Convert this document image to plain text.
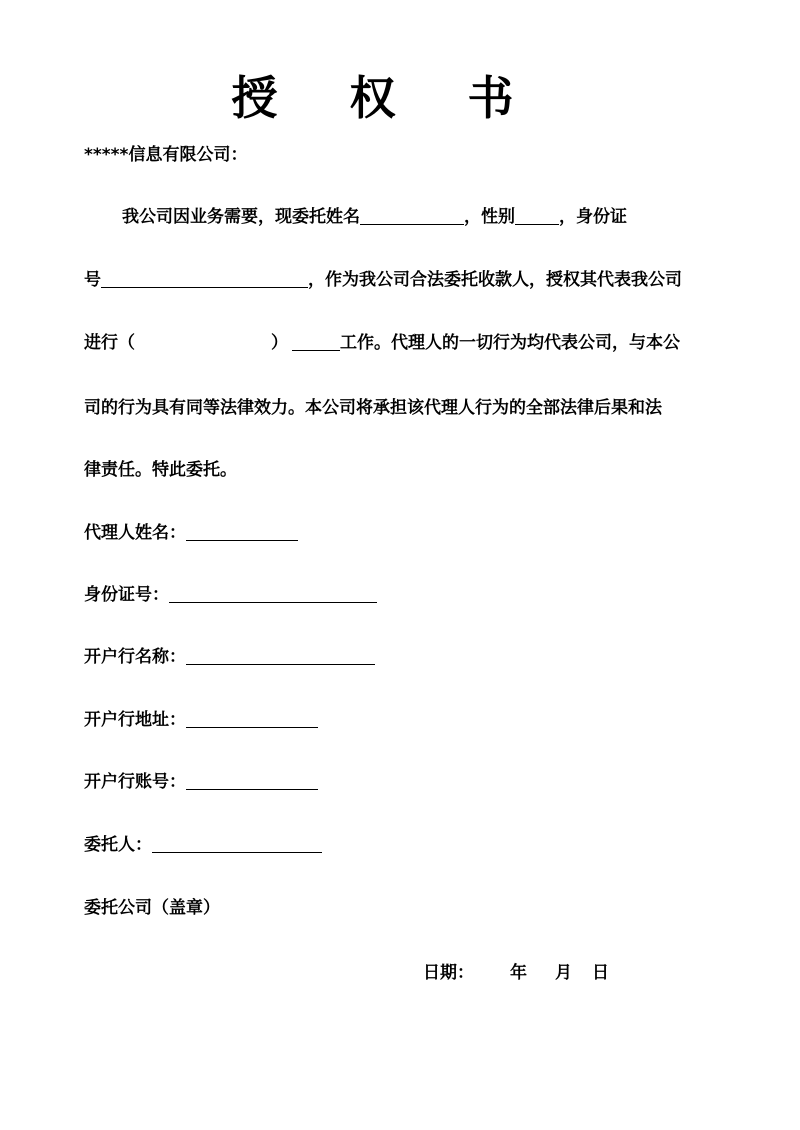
授 权 书
*****信息有限公司：
我公司因业务需要，现委托姓名	，性别	，身份证
号	，作为我公司合法委托收款人，授权其代表我公司
进行（	）	工作。代理人的一切行为均代表公司，与本公
司的行为具有同等法律效力。本公司将承担该代理人行为的全部法律后果和法
律责任。特此委托。
代理人姓名：
身份证号：
开户行名称：
开户行地址：
开户行账号：
委托人：
委托公司（盖章）
日期： 年 月 日
